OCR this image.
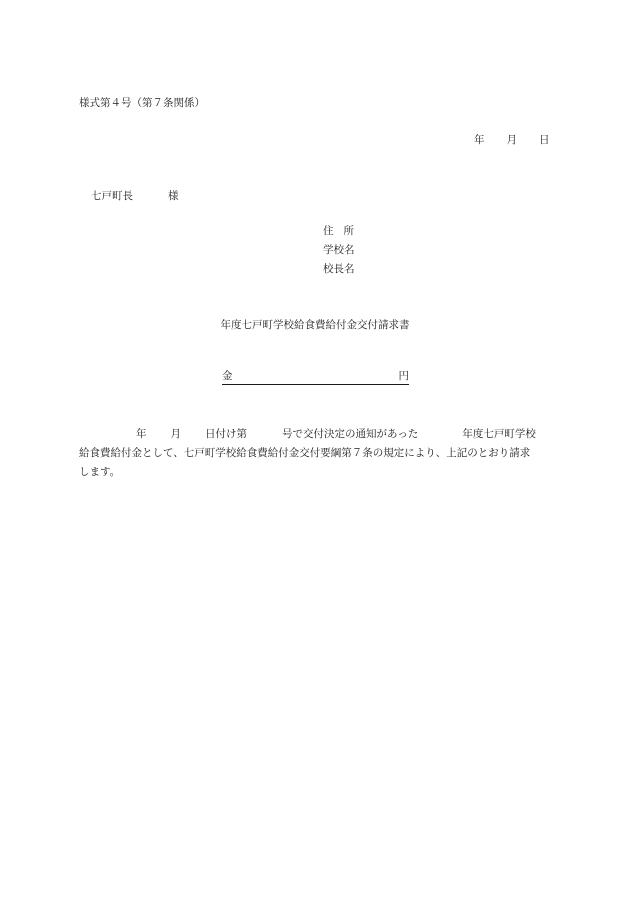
様式第４号（第７条関係）
年 月 日
七戸町長	様
住 所
学校名
校長名
年度七戸町学校給食費給付金交付請求書
金	円
年 月 日付け第	号で交付決定の通知があった	年度七戸町学校
給食費給付金として、七戸町学校給食費給付金交付要綱第７条の規定により、上記のとおり請求
します。
